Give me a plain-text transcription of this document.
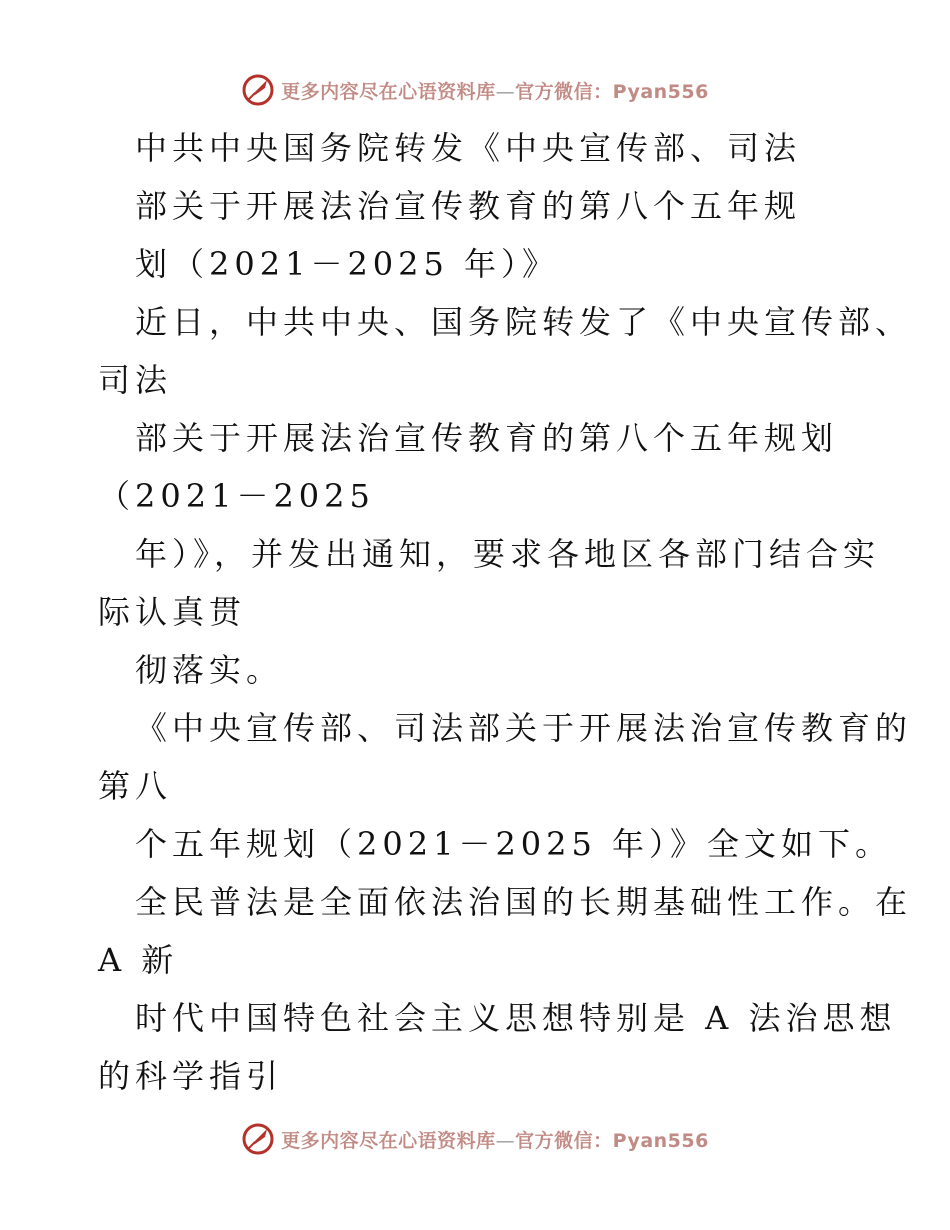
更多内容尽在心语资料库—官方微信：Pyan556
中共中央国务院转发《中央宣传部、司法
部关于开展法治宣传教育的第八个五年规
划（2021－2025 年）》
近日，中共中央、国务院转发了《中央宣传部、
司法
部关于开展法治宣传教育的第八个五年规划
（2021－2025
年）》，并发出通知，要求各地区各部门结合实
际认真贯
彻落实。
《中央宣传部、司法部关于开展法治宣传教育的
第八
个五年规划（2021－2025 年）》全文如下。
全民普法是全面依法治国的长期基础性工作。在
A 新
时代中国特色社会主义思想特别是 A 法治思想
的科学指引
更多内容尽在心语资料库—官方微信：Pyan556
